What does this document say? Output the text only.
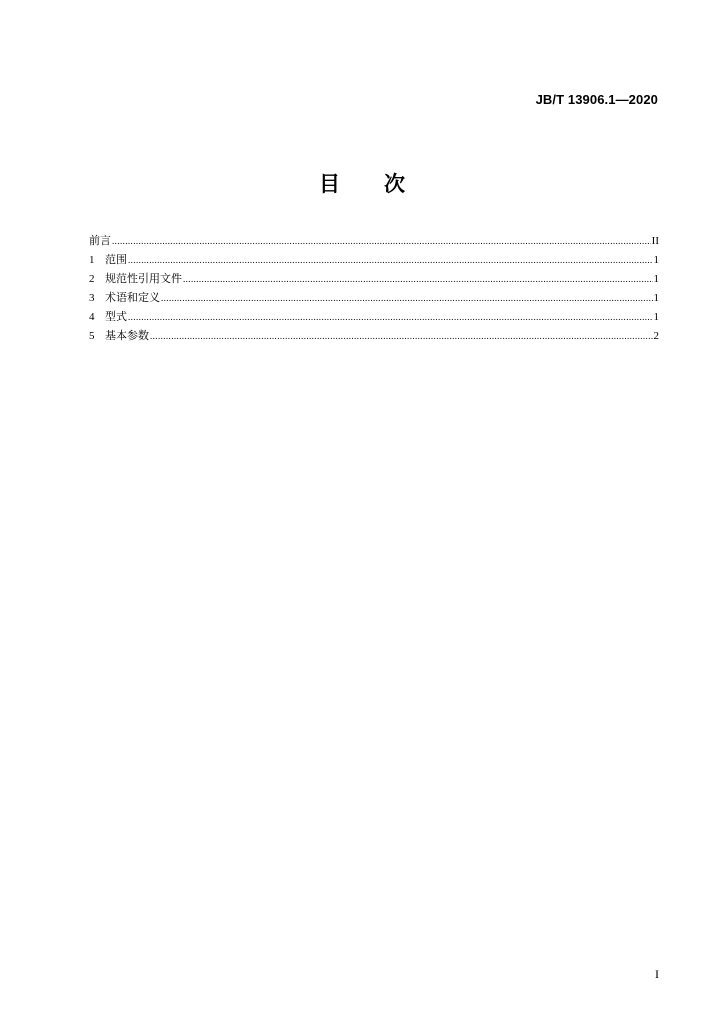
JB/T 13906.1—2020
目 次
前言 .....	II
1 范围 .....	1
2 规范性引用文件 .....	1
3 术语和定义 .....	1
4 型式 .....	1
5 基本参数 .....	2
I
